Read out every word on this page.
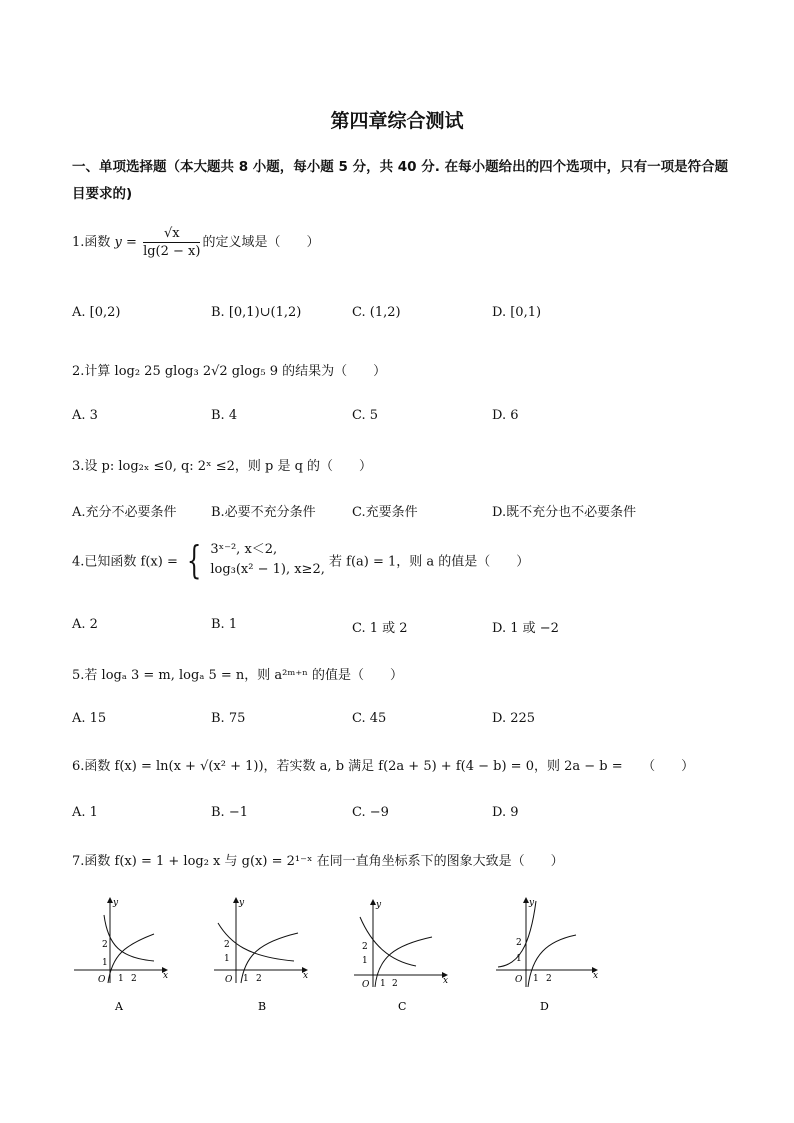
第四章综合测试
一、单项选择题（本大题共 8 小题，每小题 5 分，共 40 分. 在每小题给出的四个选项中，只有一项是符合题目要求的)
1.函数 $y = \frac{√x}{\lg(2 - x)}$ 的定义域是（　　）
A. [0,2)	B. [0,1)∪(1,2)	C. (1,2)	D. [0,1)
2.计算 log₂ 25 glog₃ 2√2 glog₅ 9 的结果为（　　）
A. 3	B. 4	C. 5	D. 6
3.设 p: log₂ₓ ≤0, q: 2ˣ ≤2，则 p 是 q 的（　　）
A.充分不必要条件	B.必要不充分条件	C.充要条件	D.既不充分也不必要条件
4.已知函数 f(x) = { 3ˣ⁻², x＜2,
log₃(x² − 1), x≥2, 若 f(a) = 1，则 a 的值是（　　）
A. 2	B. 1	C. 1 或 2	D. 1 或 −2
5.若 logₐ 3 = m, logₐ 5 = n，则 a²ᵐ⁺ⁿ 的值是（　　）
A. 15	B. 75	C. 45	D. 225
6.函数 f(x) = ln(x + √(x² + 1))，若实数 a, b 满足 f(2a + 5) + f(4 − b) = 0，则 2a − b =　　（　　）
A. 1	B. −1	C. −9	D. 9
7.函数 f(x) = 1 + log₂ x 与 g(x) = 2¹⁻ˣ 在同一直角坐标系下的图象大致是（　　）
y
x
O
2
1
1 2
A
y
x
O
2
1
1 2
B
y
x
O
2
1
1 2
C
y
x
O
2
1
1 2
D
